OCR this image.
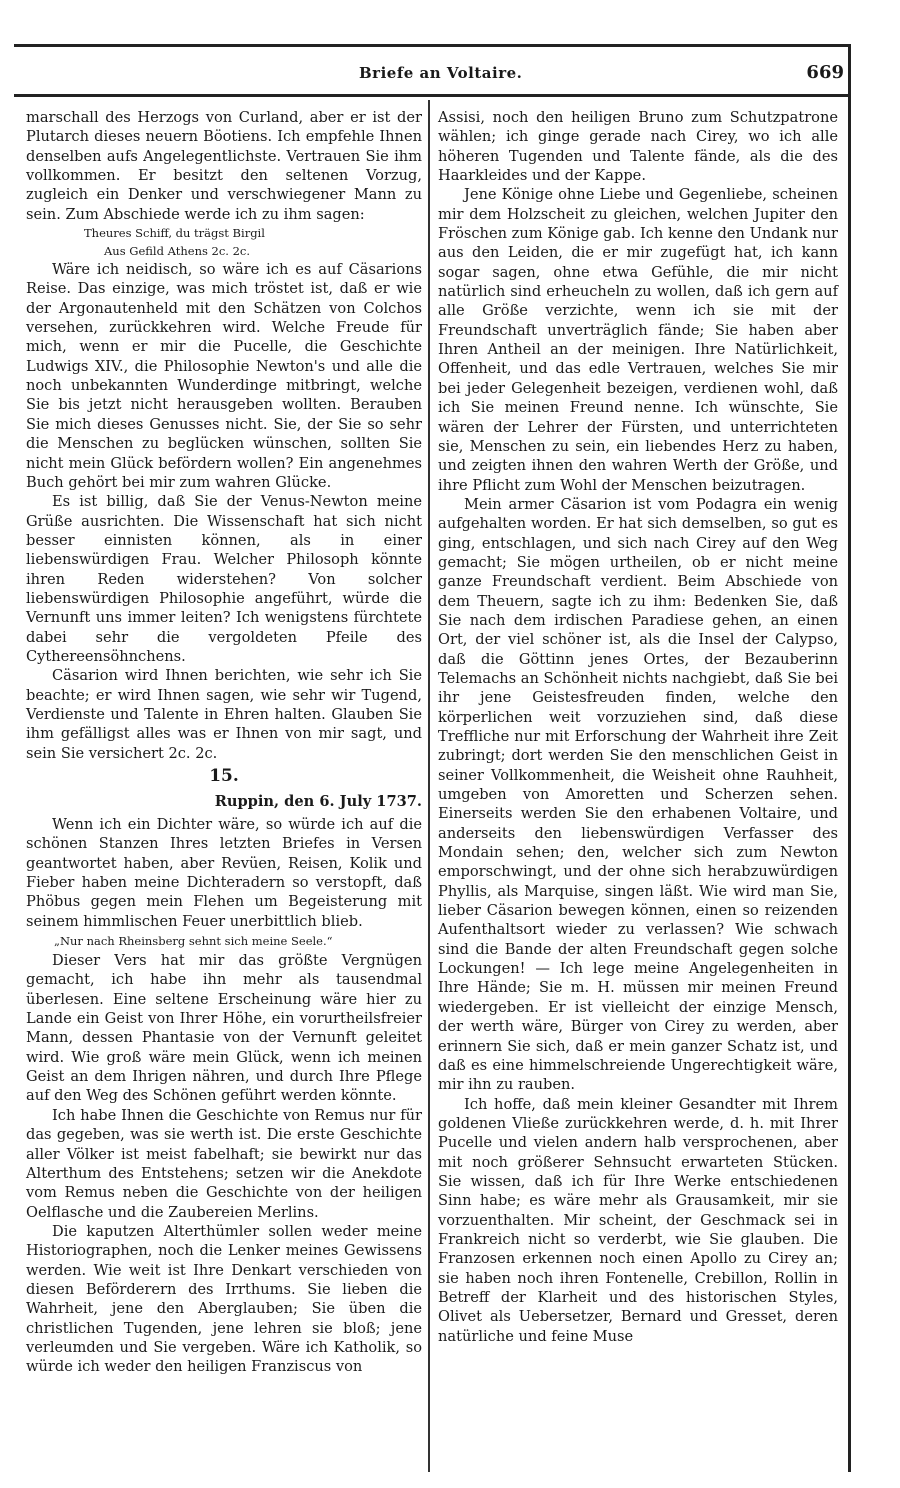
Briefe an Voltaire.	669

marschall des Herzogs von Curland, aber er ist der Plutarch dieses neuern Böotiens. Ich empfehle Ihnen denselben aufs Angelegentlichste. Vertrauen Sie ihm vollkommen. Er besitzt den seltenen Vorzug, zugleich ein Denker und verschwiegener Mann zu sein. Zum Abschiede werde ich zu ihm sagen:

Theures Schiff, du trägst Birgil

Aus Gefild Athens 2c. 2c.

Wäre ich neidisch, so wäre ich es auf Cäsarions Reise. Das einzige, was mich tröstet ist, daß er wie der Argonautenheld mit den Schätzen von Colchos versehen, zurückkehren wird. Welche Freude für mich, wenn er mir die Pucelle, die Geschichte Ludwigs XIV., die Philosophie Newton's und alle die noch unbekannten Wunderdinge mitbringt, welche Sie bis jetzt nicht herausgeben wollten. Berauben Sie mich dieses Genusses nicht. Sie, der Sie so sehr die Menschen zu beglücken wünschen, sollten Sie nicht mein Glück befördern wollen? Ein angenehmes Buch gehört bei mir zum wahren Glücke.

Es ist billig, daß Sie der Venus-Newton meine Grüße ausrichten. Die Wissenschaft hat sich nicht besser einnisten können, als in einer liebenswürdigen Frau. Welcher Philosoph könnte ihren Reden widerstehen? Von solcher liebenswürdigen Philosophie angeführt, würde die Vernunft uns immer leiten? Ich wenigstens fürchtete dabei sehr die vergoldeten Pfeile des Cythereensöhnchens.

Cäsarion wird Ihnen berichten, wie sehr ich Sie beachte; er wird Ihnen sagen, wie sehr wir Tugend, Verdienste und Talente in Ehren halten. Glauben Sie ihm gefälligst alles was er Ihnen von mir sagt, und sein Sie versichert 2c. 2c.

15.

Ruppin, den 6. July 1737.

Wenn ich ein Dichter wäre, so würde ich auf die schönen Stanzen Ihres letzten Briefes in Versen geantwortet haben, aber Revüen, Reisen, Kolik und Fieber haben meine Dichteradern so verstopft, daß Phöbus gegen mein Flehen um Begeisterung mit seinem himmlischen Feuer unerbittlich blieb.

„Nur nach Rheinsberg sehnt sich meine Seele.“

Dieser Vers hat mir das größte Vergnügen gemacht, ich habe ihn mehr als tausendmal überlesen. Eine seltene Erscheinung wäre hier zu Lande ein Geist von Ihrer Höhe, ein vorurtheilsfreier Mann, dessen Phantasie von der Vernunft geleitet wird. Wie groß wäre mein Glück, wenn ich meinen Geist an dem Ihrigen nähren, und durch Ihre Pflege auf den Weg des Schönen geführt werden könnte.

Ich habe Ihnen die Geschichte von Remus nur für das gegeben, was sie werth ist. Die erste Geschichte aller Völker ist meist fabelhaft; sie bewirkt nur das Alterthum des Entstehens; setzen wir die Anekdote vom Remus neben die Geschichte von der heiligen Oelflasche und die Zaubereien Merlins.

Die kaputzen Alterthümler sollen weder meine Historiographen, noch die Lenker meines Gewissens werden. Wie weit ist Ihre Denkart verschieden von diesen Beförderern des Irrthums. Sie lieben die Wahrheit, jene den Aberglauben; Sie üben die christlichen Tugenden, jene lehren sie bloß; jene verleumden und Sie vergeben. Wäre ich Katholik, so würde ich weder den heiligen Franziscus von

Assisi, noch den heiligen Bruno zum Schutzpatrone wählen; ich ginge gerade nach Cirey, wo ich alle höheren Tugenden und Talente fände, als die des Haarkleides und der Kappe.

Jene Könige ohne Liebe und Gegenliebe, scheinen mir dem Holzscheit zu gleichen, welchen Jupiter den Fröschen zum Könige gab. Ich kenne den Undank nur aus den Leiden, die er mir zugefügt hat, ich kann sogar sagen, ohne etwa Gefühle, die mir nicht natürlich sind erheucheln zu wollen, daß ich gern auf alle Größe verzichte, wenn ich sie mit der Freundschaft unverträglich fände; Sie haben aber Ihren Antheil an der meinigen. Ihre Natürlichkeit, Offenheit, und das edle Vertrauen, welches Sie mir bei jeder Gelegenheit bezeigen, verdienen wohl, daß ich Sie meinen Freund nenne. Ich wünschte, Sie wären der Lehrer der Fürsten, und unterrichteten sie, Menschen zu sein, ein liebendes Herz zu haben, und zeigten ihnen den wahren Werth der Größe, und ihre Pflicht zum Wohl der Menschen beizutragen.

Mein armer Cäsarion ist vom Podagra ein wenig aufgehalten worden. Er hat sich demselben, so gut es ging, entschlagen, und sich nach Cirey auf den Weg gemacht; Sie mögen urtheilen, ob er nicht meine ganze Freundschaft verdient. Beim Abschiede von dem Theuern, sagte ich zu ihm: Bedenken Sie, daß Sie nach dem irdischen Paradiese gehen, an einen Ort, der viel schöner ist, als die Insel der Calypso, daß die Göttinn jenes Ortes, der Bezauberinn Telemachs an Schönheit nichts nachgiebt, daß Sie bei ihr jene Geistesfreuden finden, welche den körperlichen weit vorzuziehen sind, daß diese Treffliche nur mit Erforschung der Wahrheit ihre Zeit zubringt; dort werden Sie den menschlichen Geist in seiner Vollkommenheit, die Weisheit ohne Rauhheit, umgeben von Amoretten und Scherzen sehen. Einerseits werden Sie den erhabenen Voltaire, und anderseits den liebenswürdigen Verfasser des Mondain sehen; den, welcher sich zum Newton emporschwingt, und der ohne sich herabzuwürdigen Phyllis, als Marquise, singen läßt. Wie wird man Sie, lieber Cäsarion bewegen können, einen so reizenden Aufenthaltsort wieder zu verlassen? Wie schwach sind die Bande der alten Freundschaft gegen solche Lockungen! — Ich lege meine Angelegenheiten in Ihre Hände; Sie m. H. müssen mir meinen Freund wiedergeben. Er ist vielleicht der einzige Mensch, der werth wäre, Bürger von Cirey zu werden, aber erinnern Sie sich, daß er mein ganzer Schatz ist, und daß es eine himmelschreiende Ungerechtigkeit wäre, mir ihn zu rauben.

Ich hoffe, daß mein kleiner Gesandter mit Ihrem goldenen Vließe zurückkehren werde, d. h. mit Ihrer Pucelle und vielen andern halb versprochenen, aber mit noch größerer Sehnsucht erwarteten Stücken. Sie wissen, daß ich für Ihre Werke entschiedenen Sinn habe; es wäre mehr als Grausamkeit, mir sie vorzuenthalten. Mir scheint, der Geschmack sei in Frankreich nicht so verderbt, wie Sie glauben. Die Franzosen erkennen noch einen Apollo zu Cirey an; sie haben noch ihren Fontenelle, Crebillon, Rollin in Betreff der Klarheit und des historischen Styles, Olivet als Uebersetzer, Bernard und Gresset, deren natürliche und feine Muse
